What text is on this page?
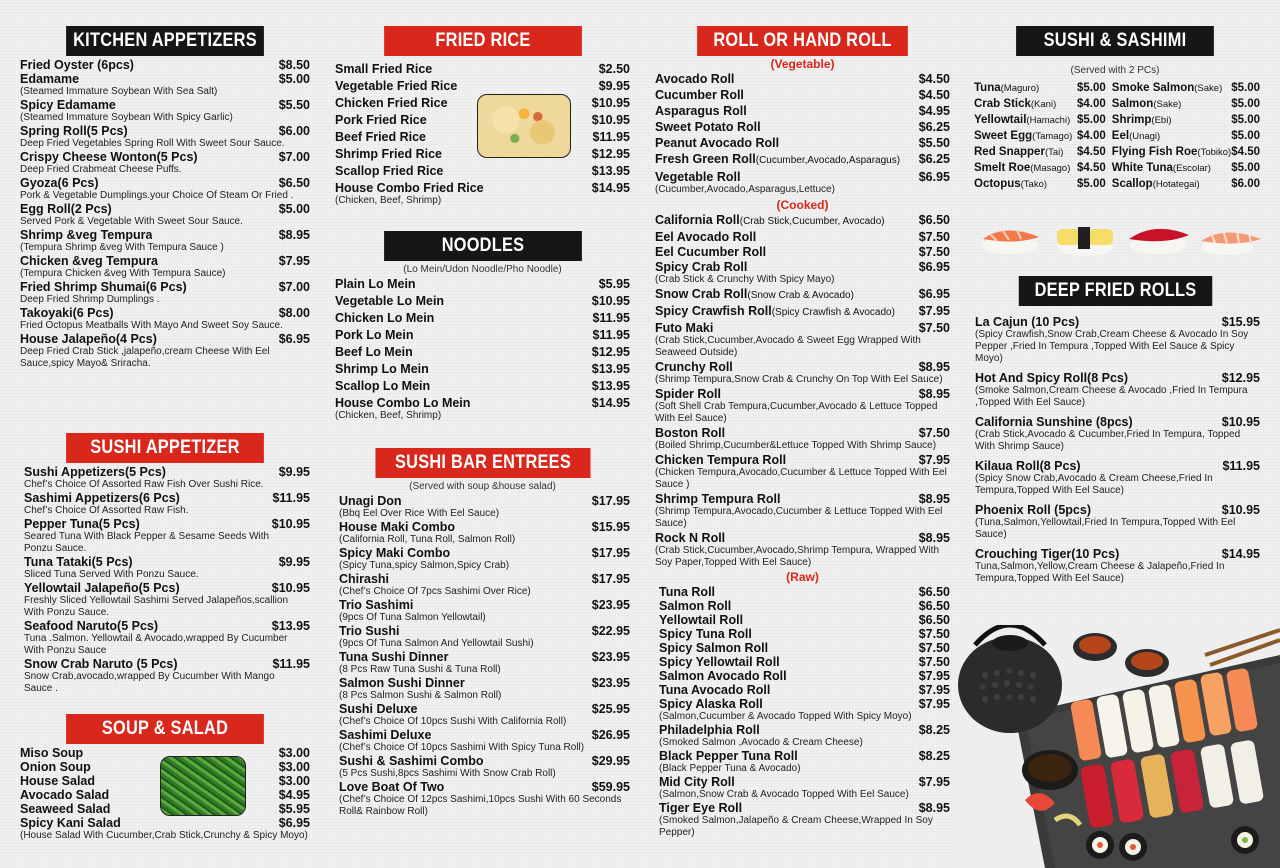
KITCHEN APPETIZERS
Fried Oyster (6pcs)	$8.50
Edamame	$5.00
(Steamed Immature Soybean With Sea Salt)
Spicy Edamame	$5.50
(Steamed Immature Soybean With Spicy Garlic)
Spring Roll(5 Pcs)	$6.00
Deep Fried Vegetables Spring Roll With Sweet Sour Sauce.
Crispy Cheese Wonton(5 Pcs)	$7.00
Deep Fried Crabmeat Cheese Puffs.
Gyoza(6 Pcs)	$6.50
Pork & Vegetable Dumplings.your Choice Of Steam Or Fried .
Egg Roll(2 Pcs)	$5.00
Served Pork & Vegetable With Sweet Sour Sauce.
Shrimp &veg Tempura	$8.95
(Tempura Shrimp &veg With Tempura Sauce )
Chicken &veg Tempura	$7.95
(Tempura Chicken &veg With Tempura Sauce)
Fried Shrimp Shumai(6 Pcs)	$7.00
Deep Fried Shrimp Dumplings .
Takoyaki(6 Pcs)	$8.00
Fried Octopus Meatballs With Mayo And Sweet Soy Sauce.
House Jalapeño(4 Pcs)	$6.95
Deep Fried Crab Stick ,jalapeño,cream Cheese With Eel Sauce,spicy Mayo& Sriracha.
SUSHI APPETIZER
Sushi Appetizers(5 Pcs)	$9.95
Chef’s Choice Of Assorted Raw Fish Over Sushi Rice.
Sashimi Appetizers(6 Pcs)	$11.95
Chef’s Choice Of Assorted Raw Fish.
Pepper Tuna(5 Pcs)	$10.95
Seared Tuna With Black Pepper & Sesame Seeds With Ponzu Sauce.
Tuna Tataki(5 Pcs)	$9.95
Sliced Tuna Served With Ponzu Sauce.
Yellowtail Jalapeño(5 Pcs)	$10.95
Freshly Sliced Yellowtail Sashimi Served Jalapeños,scallion With Ponzu Sauce.
Seafood Naruto(5 Pcs)	$13.95
Tuna .Salmon. Yellowtail & Avocado,wrapped By Cucumber With Ponzu Sauce
Snow Crab Naruto (5 Pcs)	$11.95
Snow Crab,avocado,wrapped By Cucumber With Mango Sauce .
SOUP & SALAD
Miso Soup	$3.00
Onion Soup	$3.00
House Salad	$3.00
Avocado Salad	$4.95
Seaweed Salad	$5.95
Spicy Kani Salad	$6.95
(House Salad With Cucumber,Crab Stick,Crunchy & Spicy Moyo)
FRIED RICE
Small Fried Rice	$2.50
Vegetable Fried Rice	$9.95
Chicken Fried Rice	$10.95
Pork Fried Rice	$10.95
Beef Fried Rice	$11.95
Shrimp Fried Rice	$12.95
Scallop Fried Rice	$13.95
House Combo Fried Rice	$14.95
(Chicken, Beef, Shrimp)
NOODLES
(Lo Mein/Udon Noodle/Pho Noodle)
Plain Lo Mein	$5.95
Vegetable Lo Mein	$10.95
Chicken Lo Mein	$11.95
Pork Lo Mein	$11.95
Beef Lo Mein	$12.95
Shrimp Lo Mein	$13.95
Scallop Lo Mein	$13.95
House Combo Lo Mein	$14.95
(Chicken, Beef, Shrimp)
SUSHI BAR ENTREES
(Served with soup &house salad)
Unagi Don	$17.95
(Bbq Eel Over Rice With Eel Sauce)
House Maki Combo	$15.95
(California Roll, Tuna Roll, Salmon Roll)
Spicy Maki Combo	$17.95
(Spicy Tuna,spicy Salmon,Spicy Crab)
Chirashi	$17.95
(Chef’s Choice Of 7pcs Sashimi Over Rice)
Trio Sashimi	$23.95
(9pcs Of Tuna Salmon Yellowtail)
Trio Sushi	$22.95
(9pcs Of Tuna Salmon And Yellowtail Sushi)
Tuna Sushi Dinner	$23.95
(8 Pcs Raw Tuna Sushi & Tuna Roll)
Salmon Sushi Dinner	$23.95
(8 Pcs Salmon Sushi & Salmon Roll)
Sushi Deluxe	$25.95
(Chef’s Choice Of 10pcs Sushi With California Roll)
Sashimi Deluxe	$26.95
(Chef’s Choice Of 10pcs Sashimi With Spicy Tuna Roll)
Sushi & Sashimi Combo	$29.95
(5 Pcs Sushi,8pcs Sashimi With Snow Crab Roll)
Love Boat Of Two	$59.95
(Chef’s Choice Of 12pcs Sashimi,10pcs Sushi With 60 Seconds Roll& Rainbow Roll)
ROLL OR HAND ROLL
(Vegetable)
Avocado Roll	$4.50
Cucumber Roll	$4.50
Asparagus Roll	$4.95
Sweet Potato Roll	$6.25
Peanut Avocado Roll	$5.50
Fresh Green Roll(Cucumber,Avocado,Asparagus) $6.25
Vegetable Roll	$6.95
(Cucumber,Avocado,Asparagus,Lettuce)
(Cooked)
California Roll(Crab Stick,Cucumber, Avocado)	$6.50
Eel Avocado Roll	$7.50
Eel Cucumber Roll	$7.50
Spicy Crab Roll	$6.95
(Crab Stick & Crunchy With Spicy Mayo)
Snow Crab Roll(Snow Crab & Avocado)	$6.95
Spicy Crawfish Roll(Spicy Crawfish & Avocado) $7.95
Futo Maki	$7.50
(Crab Stick,Cucumber,Avocado & Sweet Egg Wrapped With Seaweed Outside)
Crunchy Roll	$8.95
(Shrimp Tempura,Snow Crab & Crunchy On Top With Eel Sauce)
Spider Roll	$8.95
(Soft Shell Crab Tempura,Cucumber,Avocado & Lettuce Topped With Eel Sauce)
Boston Roll	$7.50
(Boiled Shrimp,Cucumber&Lettuce Topped With Shrimp Sauce)
Chicken Tempura Roll	$7.95
(Chicken Tempura,Avocado,Cucumber & Lettuce Topped With Eel Sauce )
Shrimp Tempura Roll	$8.95
(Shrimp Tempura,Avocado,Cucumber & Lettuce Topped With Eel Sauce)
Rock N Roll	$8.95
(Crab Stick,Cucumber,Avocado,Shrimp Tempura, Wrapped With Soy Paper,Topped With Eel Sauce)
(Raw)
Tuna Roll	$6.50
Salmon Roll	$6.50
Yellowtail Roll	$6.50
Spicy Tuna Roll	$7.50
Spicy Salmon Roll	$7.50
Spicy Yellowtail Roll	$7.50
Salmon Avocado Roll	$7.95
Tuna Avocado Roll	$7.95
Spicy Alaska Roll	$7.95
(Salmon,Cucumber & Avocado Topped With Spicy Moyo)
Philadelphia Roll	$8.25
(Smoked Salmon ,Avocado & Cream Cheese)
Black Pepper Tuna Roll	$8.25
(Black Pepper Tuna & Avocado)
Mid City Roll	$7.95
(Salmon,Snow Crab & Avocado Topped With Eel Sauce)
Tiger Eye Roll	$8.95
(Smoked Salmon,Jalapeño & Cream Cheese,Wrapped In Soy Pepper)
SUSHI & SASHIMI
(Served with 2 PCs)
Tuna(Maguro)	$5.00 Smoke Salmon(Sake) $5.00
Crab Stick(Kani) $4.00 Salmon(Sake)	$5.00
Yellowtail(Hamachi) $5.00 Shrimp(Ebi)	$5.00
Sweet Egg(Tamago) $4.00 Eel(Unagi)	$5.00
Red Snapper(Tai) $4.50 Flying Fish Roe(Tobiko) $4.50
Smelt Roe(Masago) $4.50 White Tuna(Escolar) $5.00
Octopus(Tako)	$5.00 Scallop(Hotategai)	$6.00
DEEP FRIED ROLLS
La Cajun (10 Pcs)	$15.95
(Spicy Crawfish,Snow Crab,Cream Cheese & Avocado In Soy Pepper ,Fried In Tempura ,Topped With Eel Sauce & Spicy Moyo)
Hot And Spicy Roll(8 Pcs)	$12.95
(Smoke Salmon,Cream Cheese & Avocado ,Fried In Tempura ,Topped With Eel Sauce)
California Sunshine (8pcs)	$10.95
(Crab Stick,Avocado & Cucumber,Fried In Tempura, Topped With Shrimp Sauce)
Kilaua Roll(8 Pcs)	$11.95
(Spicy Snow Crab,Avocado & Cream Cheese,Fried In Tempura,Topped With Eel Sauce)
Phoenix Roll (5pcs)	$10.95
(Tuna,Salmon,Yellowtail,Fried In Tempura,Topped With Eel Sauce)
Crouching Tiger(10 Pcs)	$14.95
Tuna,Salmon,Yellow,Cream Cheese & Jalapeño,Fried In Tempura,Topped With Eel Sauce)
